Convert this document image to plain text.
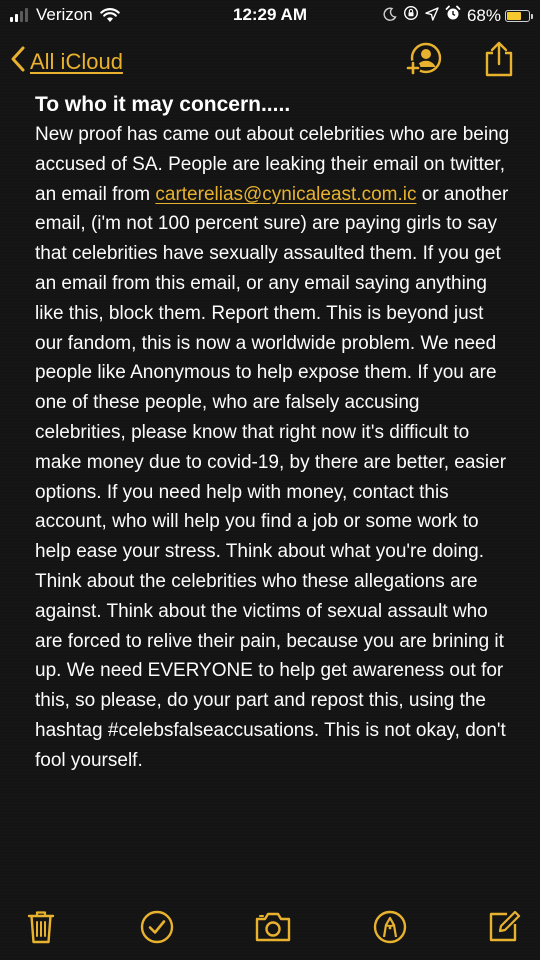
Verizon	12:29 AM	68%
All iCloud
To who it may concern.....

New proof has came out about celebrities who are being accused of SA. People are leaking their email on twitter, an email from carterelias@cynicaleast.com.ic or another email, (i'm not 100 percent sure) are paying girls to say that celebrities have sexually assaulted them. If you get an email from this email, or any email saying anything like this, block them. Report them. This is beyond just our fandom, this is now a worldwide problem. We need people like Anonymous to help expose them. If you are one of these people, who are falsely accusing celebrities, please know that right now it's difficult to make money due to covid-19, by there are better, easier options. If you need help with money, contact this account, who will help you find a job or some work to help ease your stress. Think about what you're doing. Think about the celebrities who these allegations are against. Think about the victims of sexual assault who are forced to relive their pain, because you are brining it up. We need EVERYONE to help get awareness out for this, so please, do your part and repost this, using the hashtag #celebsfalseaccusations. This is not okay, don't fool yourself.
